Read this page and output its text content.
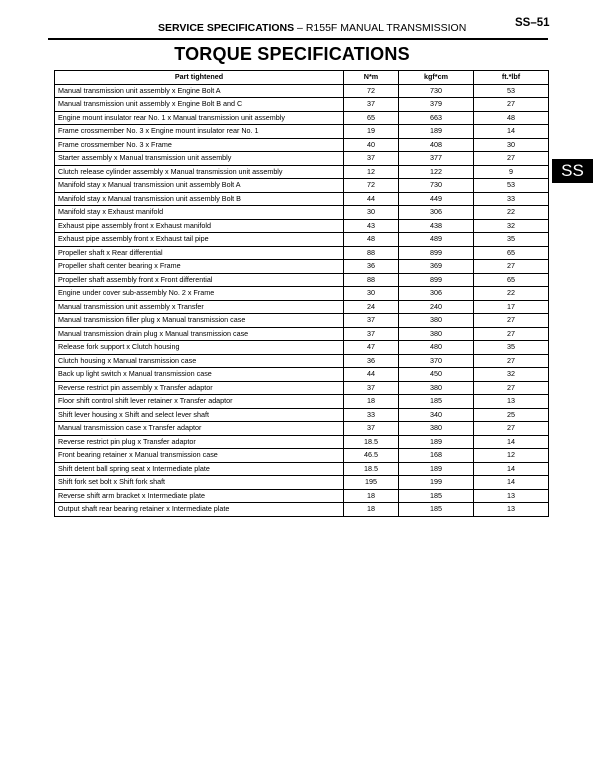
SERVICE SPECIFICATIONS – R155F MANUAL TRANSMISSION	SS–51
TORQUE SPECIFICATIONS
SS
Part tightened	N*m	kgf*cm	ft.*lbf
Manual transmission unit assembly x Engine Bolt A	72	730	53
Manual transmission unit assembly x Engine Bolt B and C	37	379	27
Engine mount insulator rear No. 1 x Manual transmission unit assembly	65	663	48
Frame crossmember No. 3 x Engine mount insulator rear No. 1	19	189	14
Frame crossmember No. 3 x Frame	40	408	30
Starter assembly x Manual transmission unit assembly	37	377	27
Clutch release cylinder assembly x Manual transmission unit assembly	12	122	9
Manifold stay x Manual transmission unit assembly Bolt A	72	730	53
Manifold stay x Manual transmission unit assembly Bolt B	44	449	33
Manifold stay x Exhaust manifold	30	306	22
Exhaust pipe assembly front x Exhaust manifold	43	438	32
Exhaust pipe assembly front x Exhaust tail pipe	48	489	35
Propeller shaft x Rear differential	88	899	65
Propeller shaft center bearing x Frame	36	369	27
Propeller shaft assembly front x Front differential	88	899	65
Engine under cover sub-assembly No. 2 x Frame	30	306	22
Manual transmission unit assembly x Transfer	24	240	17
Manual transmission filler plug x Manual transmission case	37	380	27
Manual transmission drain plug x Manual transmission case	37	380	27
Release fork support x Clutch housing	47	480	35
Clutch housing x Manual transmission case	36	370	27
Back up light switch x Manual transmission case	44	450	32
Reverse restrict pin assembly x Transfer adaptor	37	380	27
Floor shift control shift lever retainer x Transfer adaptor	18	185	13
Shift lever housing x Shift and select lever shaft	33	340	25
Manual transmission case x Transfer adaptor	37	380	27
Reverse restrict pin plug x Transfer adaptor	18.5	189	14
Front bearing retainer x Manual transmission case	46.5	168	12
Shift detent ball spring seat x Intermediate plate	18.5	189	14
Shift fork set bolt x Shift fork shaft	195	199	14
Reverse shift arm bracket x Intermediate plate	18	185	13
Output shaft rear bearing retainer x Intermediate plate	18	185	13
